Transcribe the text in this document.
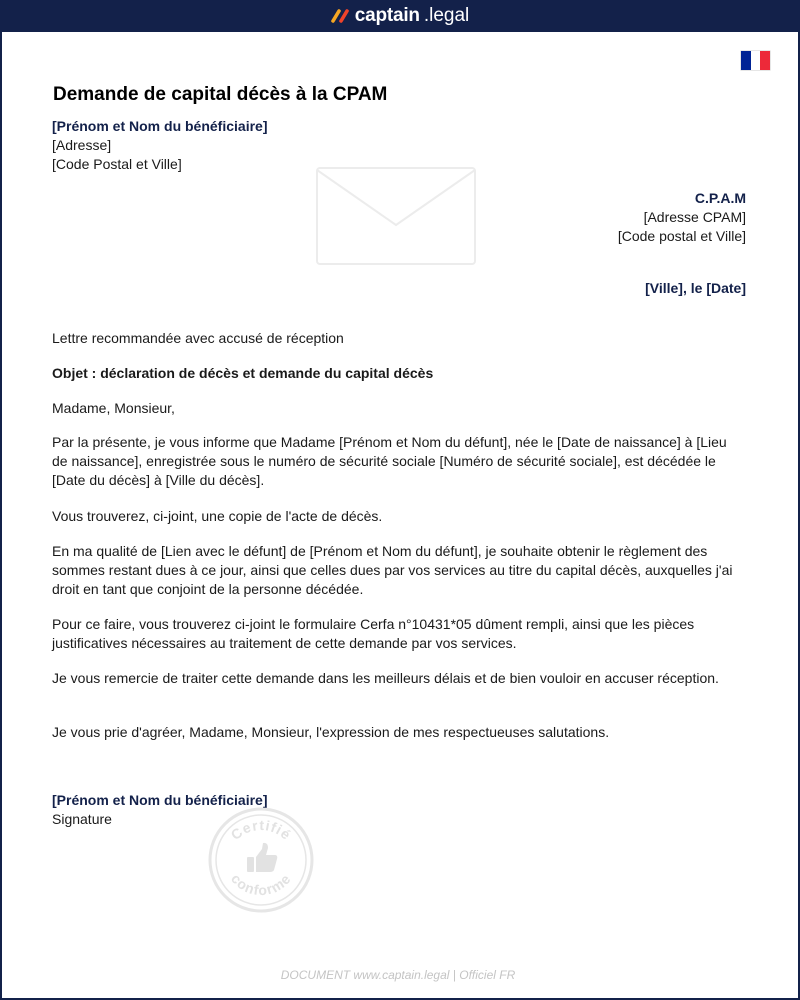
captain .legal
Demande de capital décès à la CPAM
[Prénom et Nom du bénéficiaire]
[Adresse]
[Code Postal et Ville]
C.P.A.M
[Adresse CPAM]
[Code postal et Ville]
[Ville], le [Date]

Lettre recommandée avec accusé de réception

Objet : déclaration de décès et demande du capital décès

Madame, Monsieur,

Par la présente, je vous informe que Madame [Prénom et Nom du défunt], née le [Date de naissance] à [Lieu de naissance], enregistrée sous le numéro de sécurité sociale [Numéro de sécurité sociale], est décédée le [Date du décès] à [Ville du décès].

Vous trouverez, ci-joint, une copie de l'acte de décès.

En ma qualité de [Lien avec le défunt] de [Prénom et Nom du défunt], je souhaite obtenir le règlement des sommes restant dues à ce jour, ainsi que celles dues par vos services au titre du capital décès, auxquelles j'ai droit en tant que conjoint de la personne décédée.

Pour ce faire, vous trouverez ci-joint le formulaire Cerfa n°10431*05 dûment rempli, ainsi que les pièces justificatives nécessaires au traitement de cette demande par vos services.

Je vous remercie de traiter cette demande dans les meilleurs délais et de bien vouloir en accuser réception.

Je vous prie d'agréer, Madame, Monsieur, l'expression de mes respectueuses salutations.

[Prénom et Nom du bénéficiaire]
Signature
Certifié
conforme
DOCUMENT www.captain.legal | Officiel FR
